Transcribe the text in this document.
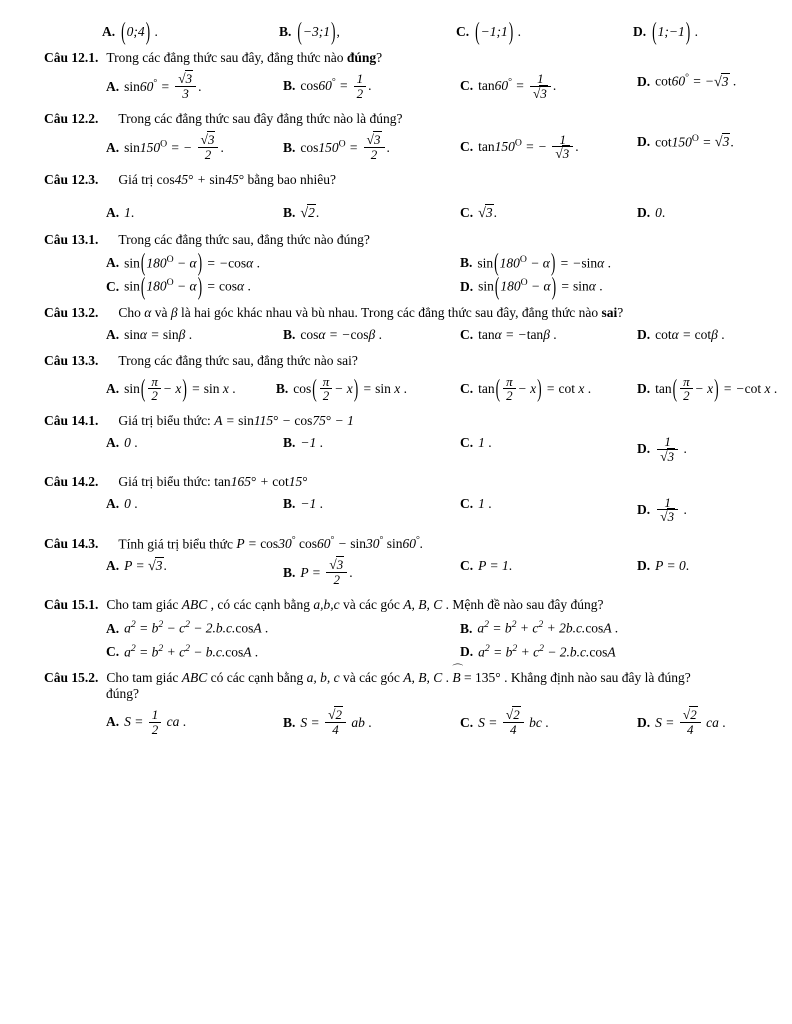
A. (0;4) .	B. (−3;1),	C. (−1;1) .	D. (1;−1) .
Câu 12.1. Trong các đẳng thức sau đây, đẳng thức nào đúng?
A. $\sin 60^\circ = \frac{√3}{3}$ .	B. $\cos 60^\circ = \frac{1}{2}$ .	C. $\tan 60^\circ = \frac{1}{√3}$ .	D. cot60° = −√3 .
Câu 12.2. Trong các đẳng thức sau đây đẳng thức nào là đúng?
A. $\sin 150^O$ = − $\frac{√3}{2}$ .	B. $\cos 150^O = \frac{√3}{2}$ .	C. $\tan 150^O$ = − $\frac{1}{√3}$ .	D. $\cot 150^O = √3$.
Câu 12.3. Giá trị cos45° + sin45° bằng bao nhiêu?
A. 1.	B. √2.	C. √3.	D. 0.
Câu 13.1. Trong các đẳng thức sau, đẳng thức nào đúng?
A. $\sin(180^O - \alpha) = -\cos\alpha$ .	B. $\sin(180^O - \alpha) = -\sin\alpha$ .
C. $\sin(180^O - \alpha) = \cos\alpha$ .	D. $\sin(180^O - \alpha) = \sin\alpha$ .
Câu 13.2. Cho α và β là hai góc khác nhau và bù nhau. Trong các đẳng thức sau đây, đẳng thức nào sai?
A. sinα = sinβ .	B. cosα = −cosβ .	C. tanα = −tanβ .	D. cotα = cotβ .
Câu 13.3. Trong các đẳng thức sau, đẳng thức nào sai?
A. $\sin( \frac{\pi}{2} - x) = \sin x$ .	B. $\cos( \frac{\pi}{2} - x) = \sin x$ .	C. $\tan( \frac{\pi}{2} - x) = \cot x$ .	D. $\tan( \frac{\pi}{2} - x) = -\cot$ x .
Câu 14.1. Giá trị biểu thức: A = sin115° − cos75° − 1
A. 0 .	B. −1 .	C. 1 .	D. $\frac{1}{√3}$ .
Câu 14.2. Giá trị biểu thức: tan165° + cot15°
A. 0 .	B. −1 .	C. 1 .	D. $\frac{1}{√3}$ .
Câu 14.3. Tính giá trị biểu thức P = cos30° cos60° − sin30° sin60°.
A. P = √3.	B. $P = \frac{√3}{2}$ .	C. P = 1.	D. P = 0.
Câu 15.1. Cho tam giác ABC , có các cạnh bằng a,b,c và các góc A, B, C . Mệnh đề nào sau đây đúng?
A. $a^2 = b^2 - c^2 - 2.b.c.\cos A$ .	B. $a^2 = b^2 + c^2 + 2b.c.\cos A$ .
C. $a^2 = b^2 + c^2 - b.c.\cos A$ .	D. $a^2 = b^2 + c^2 - 2.b.c.\cos A$
Câu 15.2. Cho tam giác ABC có các cạnh bằng a, b, c và các góc A, B, C . B ⌒ = 135° . Khẳng định nào sau đây là đúng?
đúng?
A. $S = \frac{1}{2}$ ca .	B. $S = \frac{√2}{4}$ ab .	C. $S = \frac{√2}{4}$ bc .	D. $S = \frac{√2}{4}$ ca .
